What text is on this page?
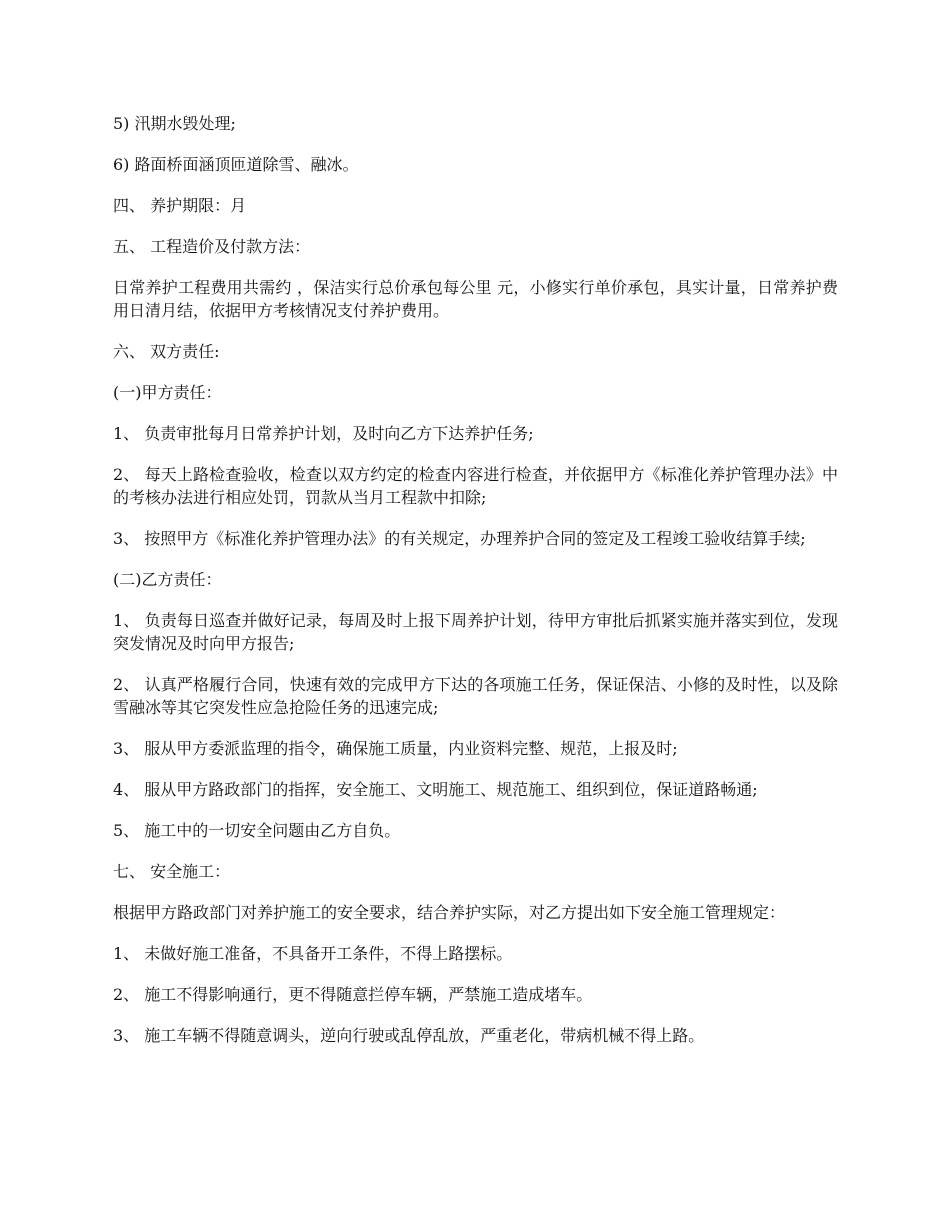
5) 汛期水毁处理;

6) 路面桥面涵顶匝道除雪、融冰。

四、 养护期限：月

五、 工程造价及付款方法：

日常养护工程费用共需约 ，保洁实行总价承包每公里 元，小修实行单价承包，具实计量，日常养护费用日清月结，依据甲方考核情况支付养护费用。

六、 双方责任:

(一)甲方责任：

1、 负责审批每月日常养护计划，及时向乙方下达养护任务;

2、 每天上路检查验收，检查以双方约定的检查内容进行检查，并依据甲方《标准化养护管理办法》中的考核办法进行相应处罚，罚款从当月工程款中扣除;

3、 按照甲方《标准化养护管理办法》的有关规定，办理养护合同的签定及工程竣工验收结算手续;

(二)乙方责任：

1、 负责每日巡查并做好记录，每周及时上报下周养护计划，待甲方审批后抓紧实施并落实到位，发现突发情况及时向甲方报告;

2、 认真严格履行合同，快速有效的完成甲方下达的各项施工任务，保证保洁、小修的及时性，以及除雪融冰等其它突发性应急抢险任务的迅速完成;

3、 服从甲方委派监理的指令，确保施工质量，内业资料完整、规范，上报及时;

4、 服从甲方路政部门的指挥，安全施工、文明施工、规范施工、组织到位，保证道路畅通;

5、 施工中的一切安全问题由乙方自负。

七、 安全施工：

根据甲方路政部门对养护施工的安全要求，结合养护实际，对乙方提出如下安全施工管理规定：

1、 未做好施工准备，不具备开工条件，不得上路摆标。

2、 施工不得影响通行，更不得随意拦停车辆，严禁施工造成堵车。

3、 施工车辆不得随意调头，逆向行驶或乱停乱放，严重老化，带病机械不得上路。
